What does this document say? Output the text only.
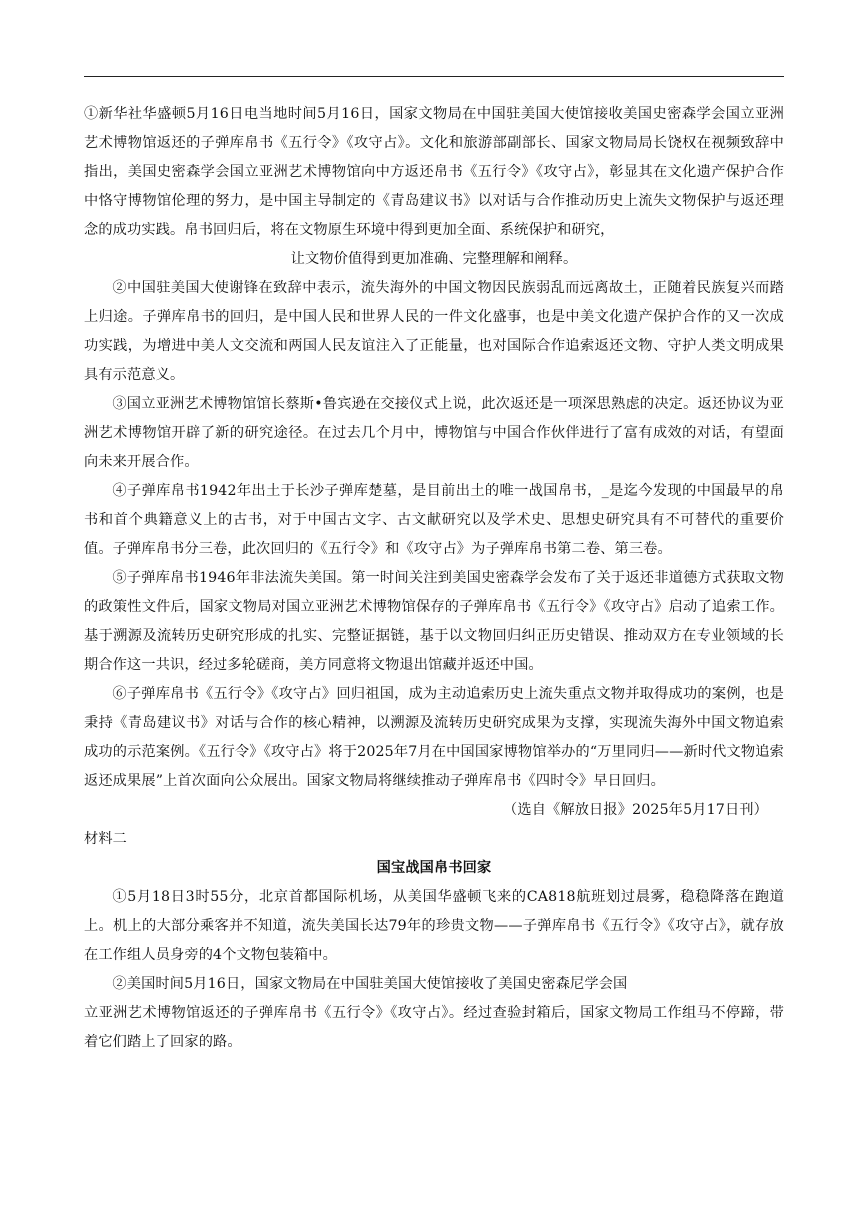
①新华社华盛顿5月16日电当地时间5月16日，国家文物局在中国驻美国大使馆接收美国史密森学会国立亚洲艺术博物馆返还的子弹库帛书《五行令》《攻守占》。文化和旅游部副部长、国家文物局局长饶权在视频致辞中指出，美国史密森学会国立亚洲艺术博物馆向中方返还帛书《五行令》《攻守占》，彰显其在文化遗产保护合作中恪守博物馆伦理的努力，是中国主导制定的《青岛建议书》以对话与合作推动历史上流失文物保护与返还理念的成功实践。帛书回归后，将在文物原生环境中得到更加全面、系统保护和研究，

让文物价值得到更加准确、完整理解和阐释。

②中国驻美国大使谢锋在致辞中表示，流失海外的中国文物因民族弱乱而远离故土，正随着民族复兴而踏上归途。子弹库帛书的回归，是中国人民和世界人民的一件文化盛事，也是中美文化遗产保护合作的又一次成功实践，为增进中美人文交流和两国人民友谊注入了正能量，也对国际合作追索返还文物、守护人类文明成果具有示范意义。

③国立亚洲艺术博物馆馆长蔡斯•鲁宾逊在交接仪式上说，此次返还是一项深思熟虑的决定。返还协议为亚洲艺术博物馆开辟了新的研究途径。在过去几个月中，博物馆与中国合作伙伴进行了富有成效的对话，有望面向未来开展合作。

④子弹库帛书1942年出土于长沙子弹库楚墓，是目前出土的唯一战国帛书，_是迄今发现的中国最早的帛书和首个典籍意义上的古书，对于中国古文字、古文献研究以及学术史、思想史研究具有不可替代的重要价值。子弹库帛书分三卷，此次回归的《五行令》和《攻守占》为子弹库帛书第二卷、第三卷。

⑤子弹库帛书1946年非法流失美国。第一时间关注到美国史密森学会发布了关于返还非道德方式获取文物的政策性文件后，国家文物局对国立亚洲艺术博物馆保存的子弹库帛书《五行令》《攻守占》启动了追索工作。基于溯源及流转历史研究形成的扎实、完整证据链，基于以文物回归纠正历史错误、推动双方在专业领域的长期合作这一共识，经过多轮磋商，美方同意将文物退出馆藏并返还中国。

⑥子弹库帛书《五行令》《攻守占》回归祖国，成为主动追索历史上流失重点文物并取得成功的案例，也是秉持《青岛建议书》对话与合作的核心精神，以溯源及流转历史研究成果为支撑，实现流失海外中国文物追索成功的示范案例。《五行令》《攻守占》将于2025年7月在中国国家博物馆举办的“万里同归——新时代文物追索返还成果展”上首次面向公众展出。国家文物局将继续推动子弹库帛书《四时令》早日回归。

（选自《解放日报》2025年5月17日刊）

材料二

国宝战国帛书回家

①5月18日3时55分，北京首都国际机场，从美国华盛顿飞来的CA818航班划过晨雾，稳稳降落在跑道上。机上的大部分乘客并不知道，流失美国长达79年的珍贵文物——子弹库帛书《五行令》《攻守占》，就存放在工作组人员身旁的4个文物包装箱中。

②美国时间5月16日，国家文物局在中国驻美国大使馆接收了美国史密森尼学会国

立亚洲艺术博物馆返还的子弹库帛书《五行令》《攻守占》。经过查验封箱后，国家文物局工作组马不停蹄，带着它们踏上了回家的路。
